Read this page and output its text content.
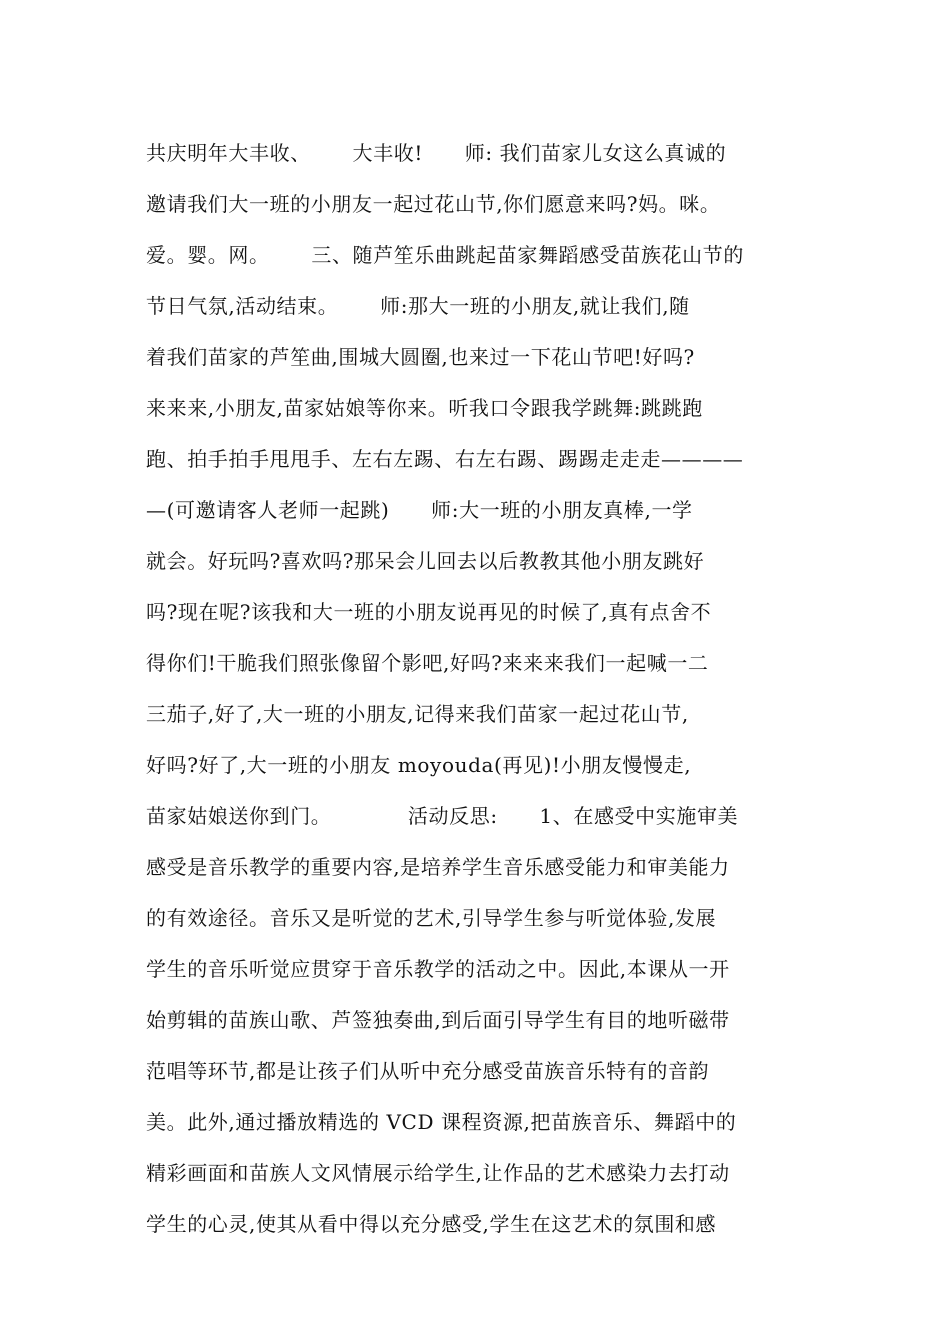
共庆明年大丰收、      大丰收!      师: 我们苗家儿女这么真诚的
邀请我们大一班的小朋友一起过花山节,你们愿意来吗?妈。咪。
爱。婴。网。      三、随芦笙乐曲跳起苗家舞蹈感受苗族花山节的
节日气氛,活动结束。      师:那大一班的小朋友,就让我们,随
着我们苗家的芦笙曲,围城大圆圈,也来过一下花山节吧!好吗?
来来来,小朋友,苗家姑娘等你来。听我口令跟我学跳舞:跳跳跑
跑、拍手拍手甩甩手、左右左踢、右左右踢、踢踢走走走————
—(可邀请客人老师一起跳)      师:大一班的小朋友真棒,一学
就会。好玩吗?喜欢吗?那呆会儿回去以后教教其他小朋友跳好
吗?现在呢?该我和大一班的小朋友说再见的时候了,真有点舍不
得你们!干脆我们照张像留个影吧,好吗?来来来我们一起喊一二
三茄子,好了,大一班的小朋友,记得来我们苗家一起过花山节,
好吗?好了,大一班的小朋友 moyouda(再见)!小朋友慢慢走,
苗家姑娘送你到门。           活动反思:      1、在感受中实施审美
感受是音乐教学的重要内容,是培养学生音乐感受能力和审美能力
的有效途径。音乐又是听觉的艺术,引导学生参与听觉体验,发展
学生的音乐听觉应贯穿于音乐教学的活动之中。因此,本课从一开
始剪辑的苗族山歌、芦签独奏曲,到后面引导学生有目的地听磁带
范唱等环节,都是让孩子们从听中充分感受苗族音乐特有的音韵
美。此外,通过播放精选的 VCD 课程资源,把苗族音乐、舞蹈中的
精彩画面和苗族人文风情展示给学生,让作品的艺术感染力去打动
学生的心灵,使其从看中得以充分感受,学生在这艺术的氛围和感
